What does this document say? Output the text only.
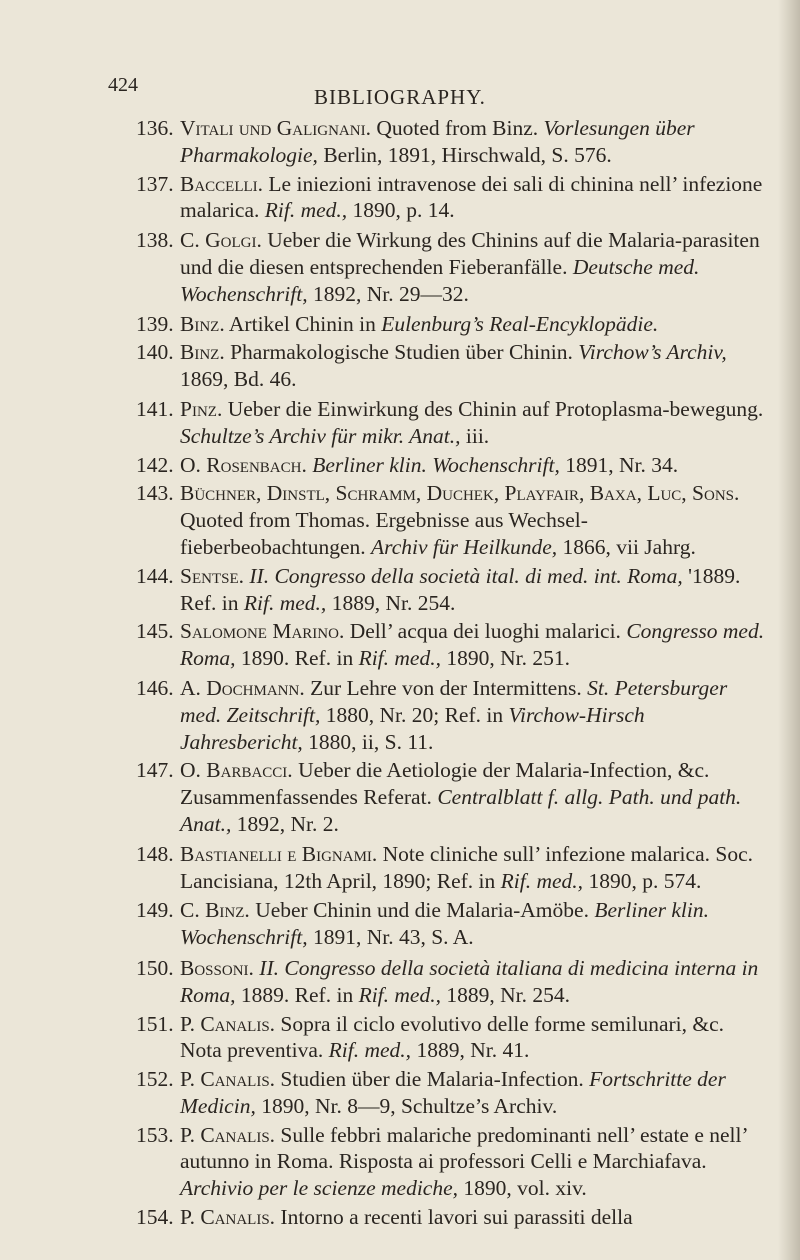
424	BIBLIOGRAPHY.
136. Vitali und Galignani. Quoted from Binz. Vorlesungen über Pharmakologie, Berlin, 1891, Hirschwald, S. 576.
137. Baccelli. Le iniezioni intravenose dei sali di chinina nell’ infezione malarica. Rif. med., 1890, p. 14.
138. C. Golgi. Ueber die Wirkung des Chinins auf die Malaria-parasiten und die diesen entsprechenden Fieberanfälle. Deutsche med. Wochenschrift, 1892, Nr. 29—32.
139. Binz. Artikel Chinin in Eulenburg’s Real-Encyklopädie.
140. Binz. Pharmakologische Studien über Chinin. Virchow’s Archiv, 1869, Bd. 46.
141. Pinz. Ueber die Einwirkung des Chinin auf Protoplasma-bewegung. Schultze’s Archiv für mikr. Anat., iii.
142. O. Rosenbach. Berliner klin. Wochenschrift, 1891, Nr. 34.
143. Büchner, Dinstl, Schramm, Duchek, Playfair, Baxa, Luc, Sons. Quoted from Thomas. Ergebnisse aus Wechsel-fieberbeobachtungen. Archiv für Heilkunde, 1866, vii Jahrg.
144. Sentse. II. Congresso della società ital. di med. int. Roma, '1889. Ref. in Rif. med., 1889, Nr. 254.
145. Salomone Marino. Dell’ acqua dei luoghi malarici. Congresso med. Roma, 1890. Ref. in Rif. med., 1890, Nr. 251.
146. A. Dochmann. Zur Lehre von der Intermittens. St. Petersburger med. Zeitschrift, 1880, Nr. 20; Ref. in Virchow-Hirsch Jahresbericht, 1880, ii, S. 11.
147. O. Barbacci. Ueber die Aetiologie der Malaria-Infection, &c. Zusammenfassendes Referat. Centralblatt f. allg. Path. und path. Anat., 1892, Nr. 2.
148. Bastianelli e Bignami. Note cliniche sull’ infezione malarica. Soc. Lancisiana, 12th April, 1890; Ref. in Rif. med., 1890, p. 574.
149. C. Binz. Ueber Chinin und die Malaria-Amöbe. Berliner klin. Wochenschrift, 1891, Nr. 43, S. A.
150. Bossoni. II. Congresso della società italiana di medicina interna in Roma, 1889. Ref. in Rif. med., 1889, Nr. 254.
151. P. Canalis. Sopra il ciclo evolutivo delle forme semilunari, &c. Nota preventiva. Rif. med., 1889, Nr. 41.
152. P. Canalis. Studien über die Malaria-Infection. Fortschritte der Medicin, 1890, Nr. 8—9, Schultze’s Archiv.
153. P. Canalis. Sulle febbri malariche predominanti nell’ estate e nell’ autunno in Roma. Risposta ai professori Celli e Marchiafava. Archivio per le scienze mediche, 1890, vol. xiv.
154. P. Canalis. Intorno a recenti lavori sui parassiti della
